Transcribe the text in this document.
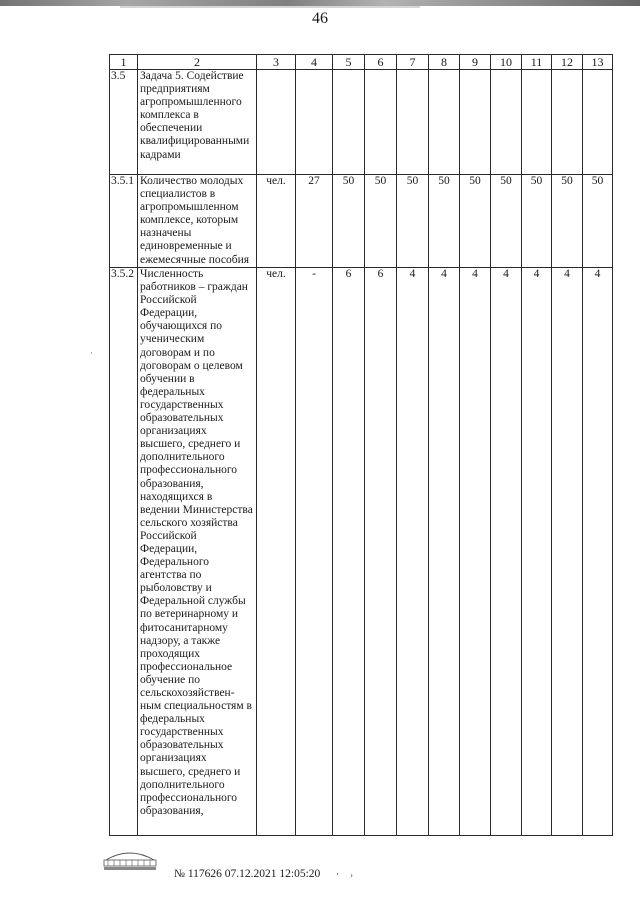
46
1	2	3	4	5	6	7	8	9	10	11	12	13
3.5	Задача 5. Содействие предприятиям агропромышленного комплекса в обеспечении квалифицированными кадрами											
3.5.1	Количество молодых специалистов в агропромышленном комплексе, которым назначены единовременные и ежемесячные пособия	чел.	27	50	50	50	50	50	50	50	50	50
3.5.2	Численность работников – граждан Российской Федерации, обучающихся по ученическим договорам и по договорам о целевом обучении в федеральных государственных образовательных организациях высшего, среднего и дополнительного профессионального образования, находящихся в ведении Министерства сельского хозяйства Российской Федерации, Федерального агентства по рыболовству и Федеральной службы по ветеринарному и фитосанитарному надзору, а также проходящих профессиональное обучение по сельскохозяйствен-ным специальностям в федеральных государственных образовательных организациях высшего, среднего и дополнительного профессионального образования,	чел.	-	6	6	4	4	4	4	4	4	4
№ 117626 07.12.2021 12:05:20
·
‚ ›
